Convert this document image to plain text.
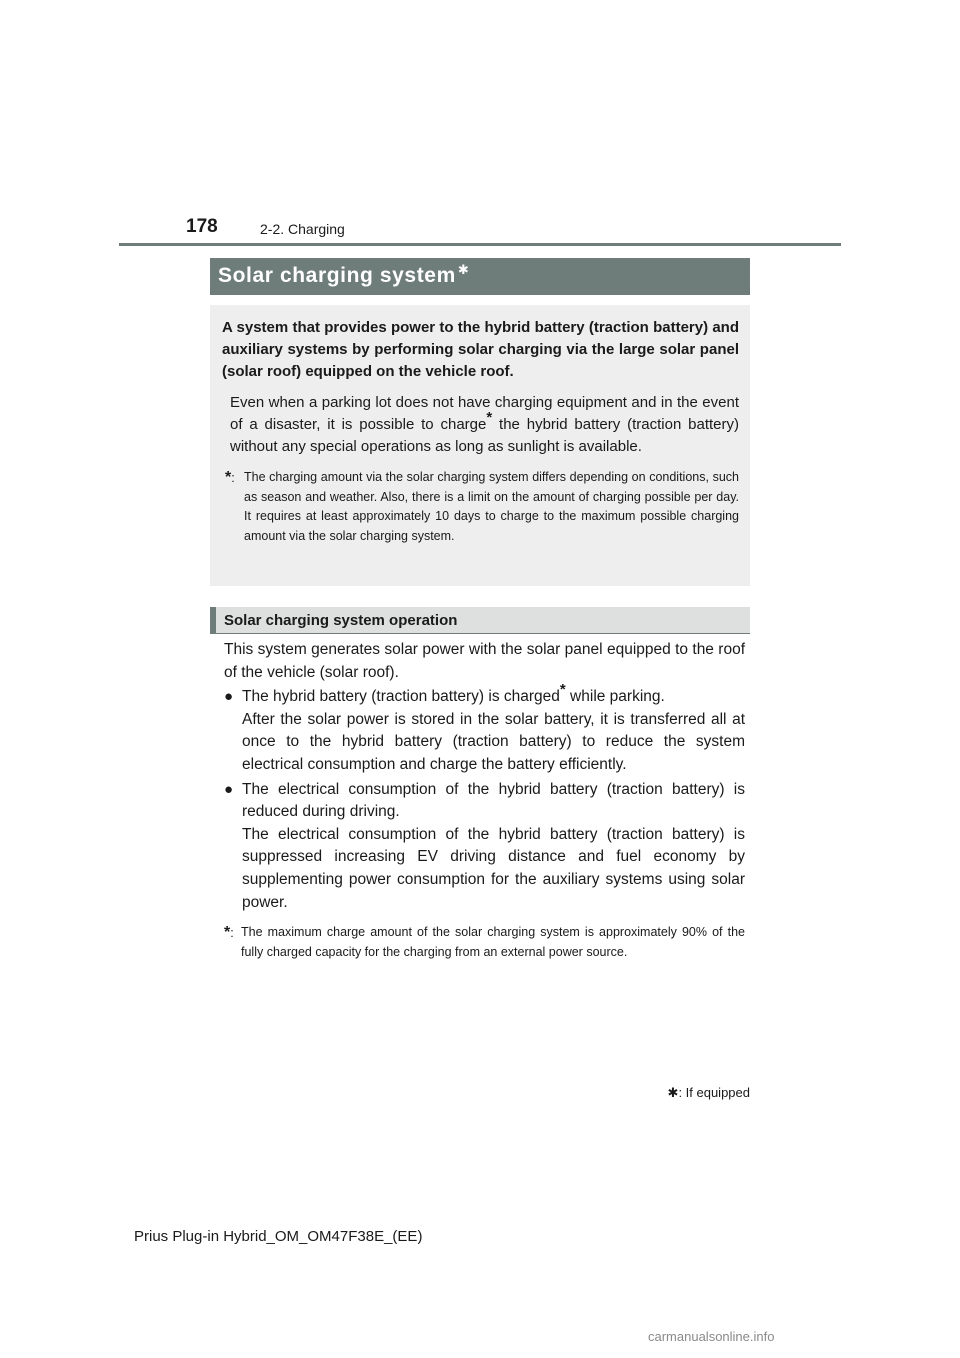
178	2-2. Charging
Solar charging system ✱
A system that provides power to the hybrid battery (traction battery) and auxiliary systems by performing solar charging via the large solar panel (solar roof) equipped on the vehicle roof.
Even when a parking lot does not have charging equipment and in the event of a disaster, it is possible to charge* the hybrid battery (traction battery) without any special operations as long as sunlight is available.
*: The charging amount via the solar charging system differs depending on conditions, such as season and weather. Also, there is a limit on the amount of charging possible per day. It requires at least approximately 10 days to charge to the maximum possible charging amount via the solar charging system.
Solar charging system operation

This system generates solar power with the solar panel equipped to the roof of the vehicle (solar roof).

● The hybrid battery (traction battery) is charged* while parking.
After the solar power is stored in the solar battery, it is transferred all at once to the hybrid battery (traction battery) to reduce the system electrical consumption and charge the battery efficiently.
● The electrical consumption of the hybrid battery (traction battery) is reduced during driving.
The electrical consumption of the hybrid battery (traction battery) is suppressed increasing EV driving distance and fuel economy by supplementing power consumption for the auxiliary systems using solar power.
*: The maximum charge amount of the solar charging system is approximately 90% of the fully charged capacity for the charging from an external power source.
✱: If equipped
Prius Plug-in Hybrid_OM_OM47F38E_(EE)
carmanualsonline.info
